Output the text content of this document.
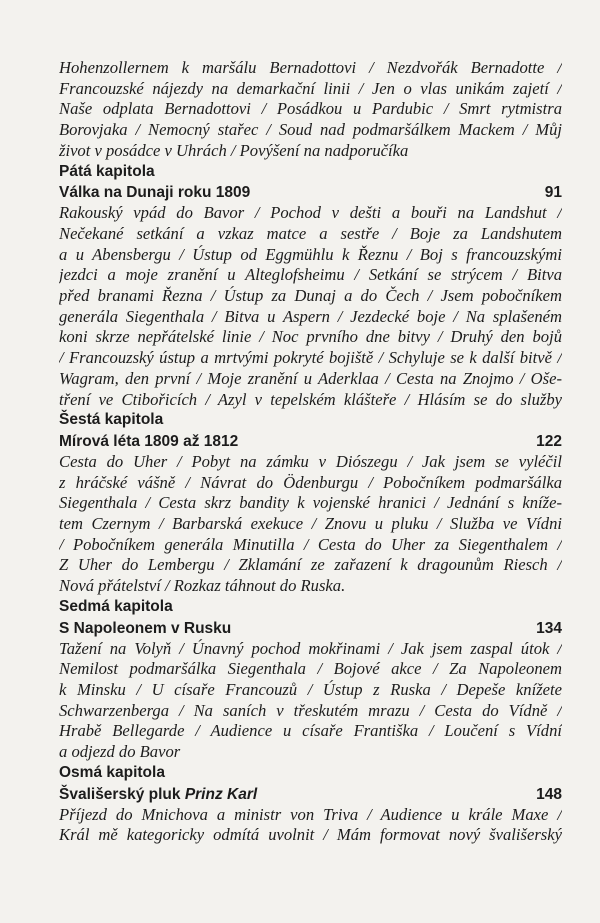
Hohenzollernem k maršálu Bernadottovi / Nezdvořák Bernadotte /
Francouzské nájezdy na demarkační linii / Jen o vlas unikám zajetí /
Naše odplata Bernadottovi / Posádkou u Pardubic / Smrt rytmistra
Borovjaka / Nemocný stařec / Soud nad podmaršálkem Mackem / Můj
život v posádce v Uhrách / Povýšení na nadporučíka
Pátá kapitola
Válka na Dunaji roku 1809	91
Rakouský vpád do Bavor / Pochod v dešti a bouři na Landshut /
Nečekané setkání a vzkaz matce a sestře / Boje za Landshutem
a u Abensbergu / Ústup od Eggmühlu k Řeznu / Boj s francouzskými
jezdci a moje zranění u Alteglofsheimu / Setkání se strýcem / Bitva
před branami Řezna / Ústup za Dunaj a do Čech / Jsem pobočníkem
generála Siegenthala / Bitva u Aspern / Jezdecké boje / Na splašeném
koni skrze nepřátelské linie / Noc prvního dne bitvy / Druhý den bojů
/ Francouzský ústup a mrtvými pokryté bojiště / Schyluje se k další bitvě /
Wagram, den první / Moje zranění u Aderklaa / Cesta na Znojmo / Oše-
tření ve Ctibořicích / Azyl v tepelském klášteře / Hlásím se do služby
Šestá kapitola
Mírová léta 1809 až 1812	122
Cesta do Uher / Pobyt na zámku v Diószegu / Jak jsem se vyléčil
z hráčské vášně / Návrat do Ödenburgu / Pobočníkem podmaršálka
Siegenthala / Cesta skrz bandity k vojenské hranici / Jednání s kníže-
tem Czernym / Barbarská exekuce / Znovu u pluku / Služba ve Vídni
/ Pobočníkem generála Minutilla / Cesta do Uher za Siegenthalem /
Z Uher do Lembergu / Zklamání ze zařazení k dragounům Riesch /
Nová přátelství / Rozkaz táhnout do Ruska.
Sedmá kapitola
S Napoleonem v Rusku	134
Tažení na Volyň / Únavný pochod mokřinami / Jak jsem zaspal útok /
Nemilost podmaršálka Siegenthala / Bojové akce / Za Napoleonem
k Minsku / U císaře Francouzů / Ústup z Ruska / Depeše knížete
Schwarzenberga / Na saních v třeskutém mrazu / Cesta do Vídně /
Hrabě Bellegarde / Audience u císaře Františka / Loučení s Vídní
a odjezd do Bavor
Osmá kapitola
Švališerský pluk Prinz Karl	148
Příjezd do Mnichova a ministr von Triva / Audience u krále Maxe /
Král mě kategoricky odmítá uvolnit / Mám formovat nový švališerský
